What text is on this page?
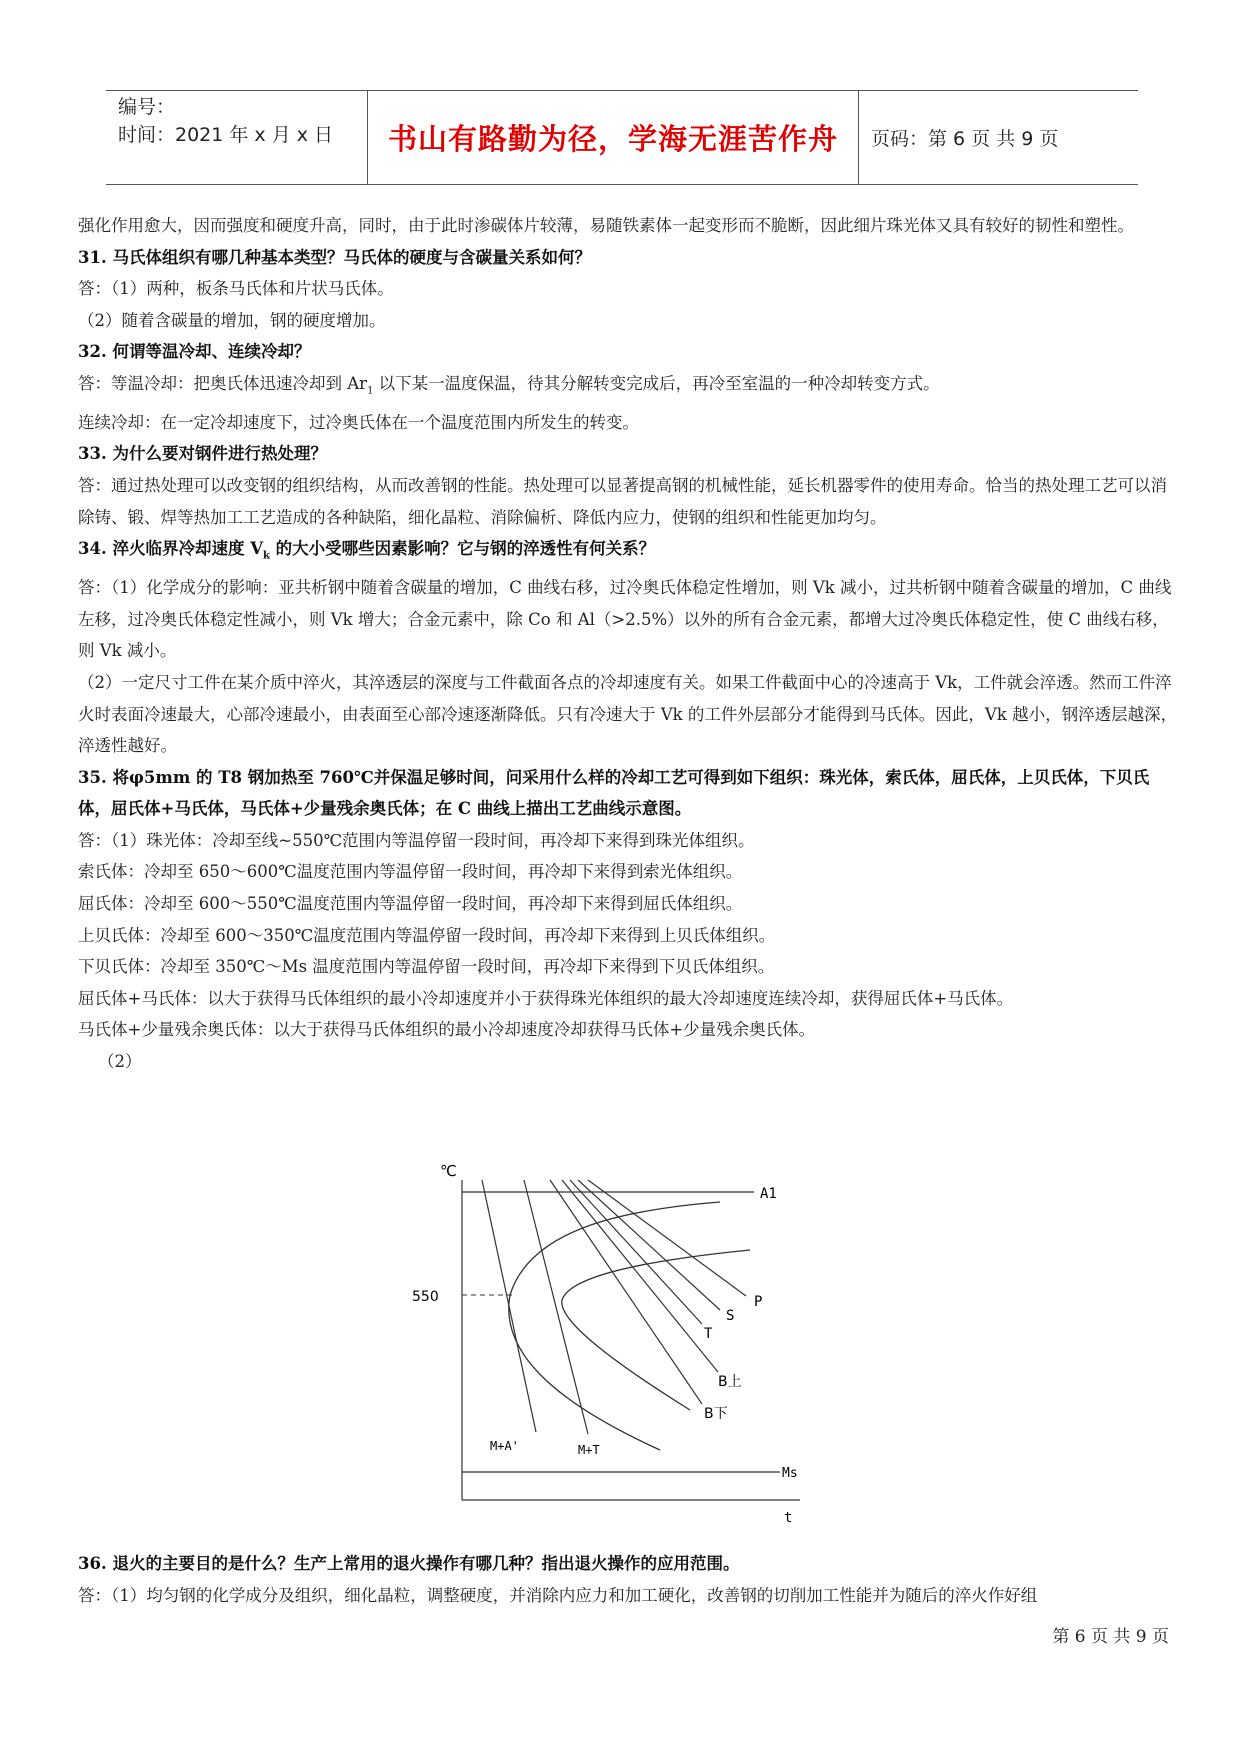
编号：
时间：2021 年 x 月 x 日	书山有路勤为径，学海无涯苦作舟	页码：第 6 页 共 9 页

强化作用愈大，因而强度和硬度升高，同时，由于此时渗碳体片较薄，易随铁素体一起变形而不脆断，因此细片珠光体又具有较好的韧性和塑性。

31. 马氏体组织有哪几种基本类型？马氏体的硬度与含碳量关系如何？

答：（1）两种，板条马氏体和片状马氏体。

（2）随着含碳量的增加，钢的硬度增加。

32. 何谓等温冷却、连续冷却？

答：等温冷却：把奥氏体迅速冷却到 $Ar_1$ 以下某一温度保温，待其分解转变完成后，再冷至室温的一种冷却转变方式。

连续冷却：在一定冷却速度下，过冷奥氏体在一个温度范围内所发生的转变。

33. 为什么要对钢件进行热处理？

答：通过热处理可以改变钢的组织结构，从而改善钢的性能。热处理可以显著提高钢的机械性能，延长机器零件的使用寿命。恰当的热处理工艺可以消除铸、锻、焊等热加工工艺造成的各种缺陷，细化晶粒、消除偏析、降低内应力，使钢的组织和性能更加均匀。

34. 淬火临界冷却速度 $V_k$ 的大小受哪些因素影响？它与钢的淬透性有何关系？

答：（1）化学成分的影响：亚共析钢中随着含碳量的增加，C 曲线右移，过冷奥氏体稳定性增加，则 Vk 减小，过共析钢中随着含碳量的增加，C 曲线左移，过冷奥氏体稳定性减小，则 Vk 增大；合金元素中，除 Co 和 Al（>2.5%）以外的所有合金元素，都增大过冷奥氏体稳定性，使 C 曲线右移，则 Vk 减小。

（2）一定尺寸工件在某介质中淬火，其淬透层的深度与工件截面各点的冷却速度有关。如果工件截面中心的冷速高于 Vk，工件就会淬透。然而工件淬火时表面冷速最大，心部冷速最小，由表面至心部冷速逐渐降低。只有冷速大于 Vk 的工件外层部分才能得到马氏体。因此，Vk 越小，钢淬透层越深，淬透性越好。

35. 将φ5mm 的 T8 钢加热至 760℃并保温足够时间，问采用什么样的冷却工艺可得到如下组织：珠光体，索氏体，屈氏体，上贝氏体，下贝氏体，屈氏体+马氏体，马氏体+少量残余奥氏体；在 C 曲线上描出工艺曲线示意图。

答：（1）珠光体：冷却至线~550℃范围内等温停留一段时间，再冷却下来得到珠光体组织。

索氏体：冷却至 650～600℃温度范围内等温停留一段时间，再冷却下来得到索光体组织。

屈氏体：冷却至 600～550℃温度范围内等温停留一段时间，再冷却下来得到屈氏体组织。

上贝氏体：冷却至 600～350℃温度范围内等温停留一段时间，再冷却下来得到上贝氏体组织。

下贝氏体：冷却至 350℃～Ms 温度范围内等温停留一段时间，再冷却下来得到下贝氏体组织。

屈氏体+马氏体：以大于获得马氏体组织的最小冷却速度并小于获得珠光体组织的最大冷却速度连续冷却，获得屈氏体+马氏体。

马氏体+少量残余奥氏体：以大于获得马氏体组织的最小冷却速度冷却获得马氏体+少量残余奥氏体。

（2）

℃
t
A1
Ms
550	P
S
T
B上
B下
M+A'	M+T

36. 退火的主要目的是什么？生产上常用的退火操作有哪几种？指出退火操作的应用范围。

答：（1）均匀钢的化学成分及组织，细化晶粒，调整硬度，并消除内应力和加工硬化，改善钢的切削加工性能并为随后的淬火作好组

第 6 页 共 9 页
